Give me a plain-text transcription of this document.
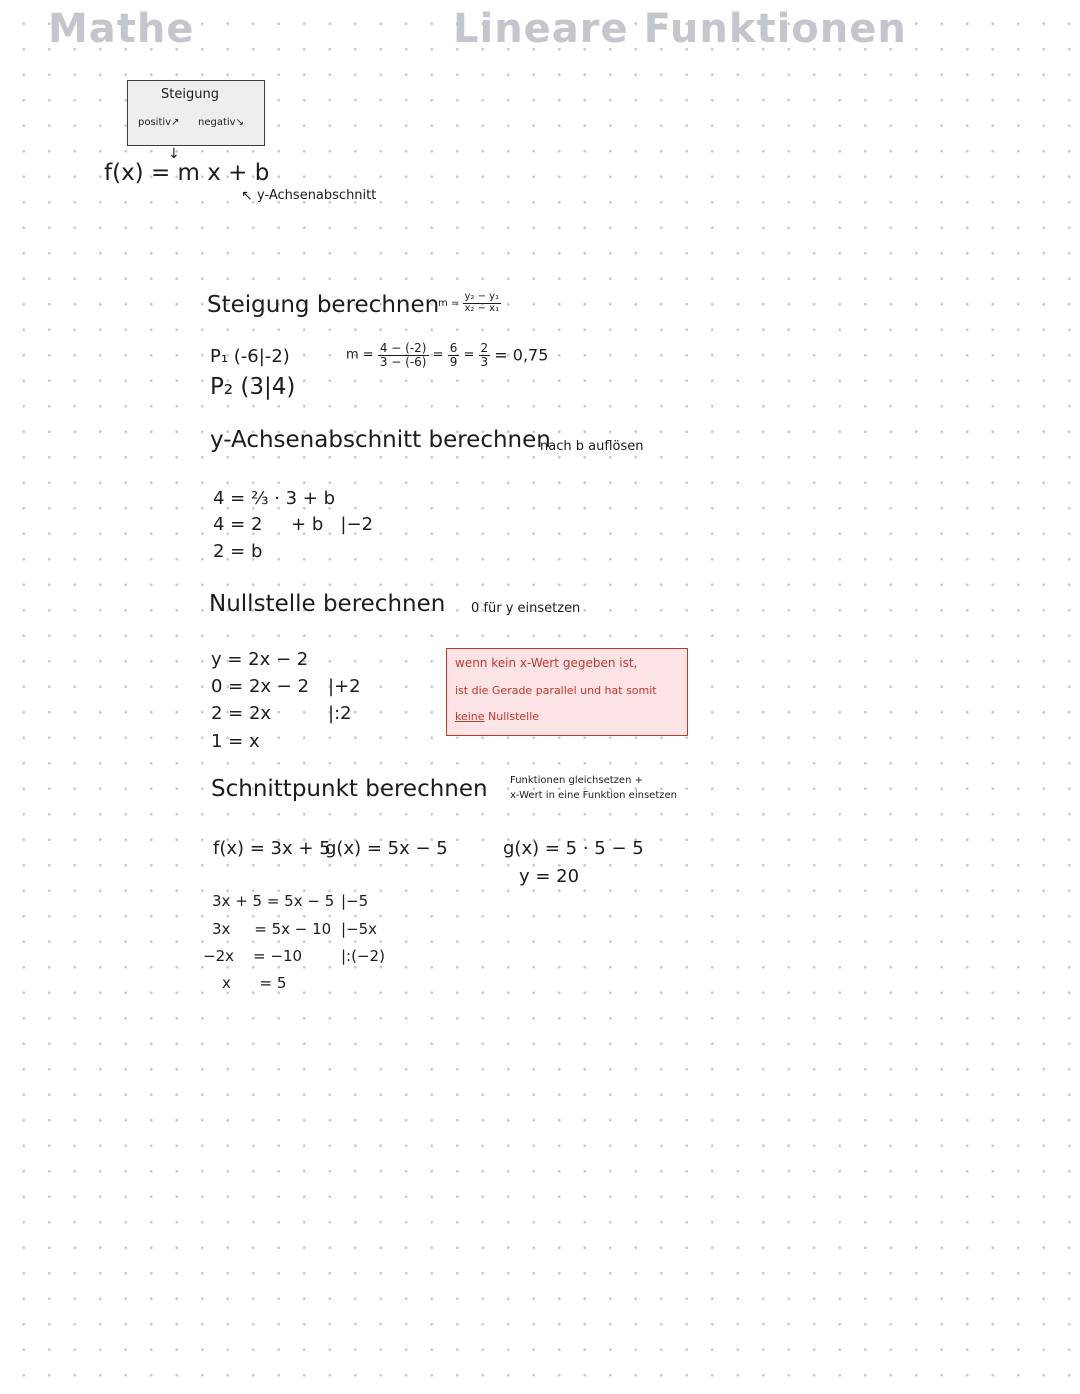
Mathe	Lineare Funktionen
Steigung
positiv↗ negativ↘
↓
f(x) = m x + b
↖ y-Achsenabschnitt
Steigung berechnen
$m = \frac{\text{y₂ − y₁}}{\text{x₂ − x₁}}$
P₁ (-6|-2)
P₂ (3|4)
$m = \frac{4 - (-2)}{3 - (-6)} = \frac{6}{9} = \frac{2}{3} = 0,75$
y-Achsenabschnitt berechnen
nach b auflösen
4 = ⅔ · 3 + b
4 = 2     + b   |−2
2 = b
Nullstelle berechnen 0 für y einsetzen
y = 2x − 2
0 = 2x − 2
2 = 2x
1 = x
|+2
|:2
wenn kein x-Wert gegeben ist,
ist die Gerade parallel und hat somit
keine Nullstelle
Schnittpunkt berechnen Funktionen gleichsetzen +
x-Wert in eine Funktion einsetzen
f(x) = 3x + 5
g(x) = 5x − 5	g(x) = 5 · 5 − 5
y = 20
3x + 5 = 5x − 5
3x     = 5x − 10
−2x    = −10
x      = 5
|−5
|−5x
|:(−2)
